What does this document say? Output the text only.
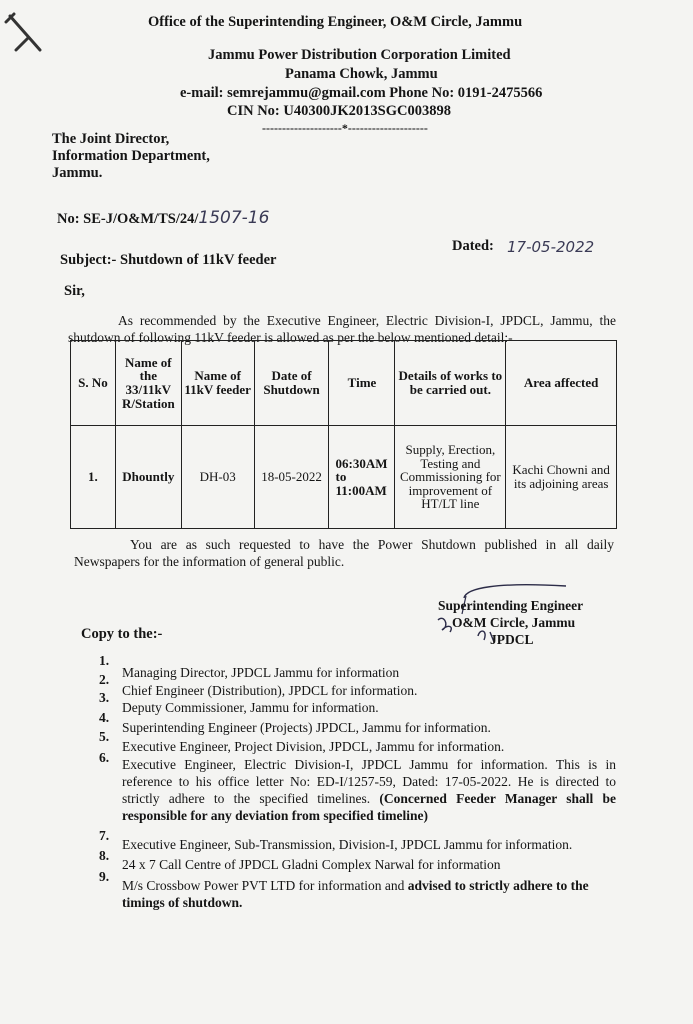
Office of the Superintending Engineer, O&M Circle, Jammu
Jammu Power Distribution Corporation Limited
Panama Chowk, Jammu
e-mail: semrejammu@gmail.com Phone No: 0191-2475566
CIN No: U40300JK2013SGC003898
--------------------*--------------------
The Joint Director,
Information Department,
Jammu.
No: SE-J/O&M/TS/24/1507-16
Dated: 17-05-2022
Subject:- Shutdown of 11kV feeder
Sir,
As recommended by the Executive Engineer, Electric Division-I, JPDCL, Jammu, the shutdown of following 11kV feeder is allowed as per the below mentioned detail:-
S. No	Name of the 33/11kV R/Station	Name of 11kV feeder	Date of Shutdown	Time	Details of works to be carried out.	Area affected
1.	Dhountly	DH-03	18-05-2022	06:30AM
to
11:00AM	Supply, Erection, Testing and Commissioning for improvement of HT/LT line	Kachi Chowni and its adjoining areas
You are as such requested to have the Power Shutdown published in all daily Newspapers for the information of general public.
Superintending Engineer
O&M Circle, Jammu
JPDCL
Copy to the:-
1.
Managing Director, JPDCL Jammu for information
2.
Chief Engineer (Distribution), JPDCL for information.
3.
Deputy Commissioner, Jammu for information.
4.
Superintending Engineer (Projects) JPDCL, Jammu for information.
5.
Executive Engineer, Project Division, JPDCL, Jammu for information.
6. Executive Engineer, Electric Division-I, JPDCL Jammu for information. This is in reference to his office letter No: ED-I/1257-59, Dated: 17-05-2022. He is directed to strictly adhere to the specified timelines. (Concerned Feeder Manager shall be responsible for any deviation from specified timeline)
7.
Executive Engineer, Sub-Transmission, Division-I, JPDCL Jammu for information.
8.
24 x 7 Call Centre of JPDCL Gladni Complex Narwal for information
9.
M/s Crossbow Power PVT LTD for information and advised to strictly adhere to the timings of shutdown.
